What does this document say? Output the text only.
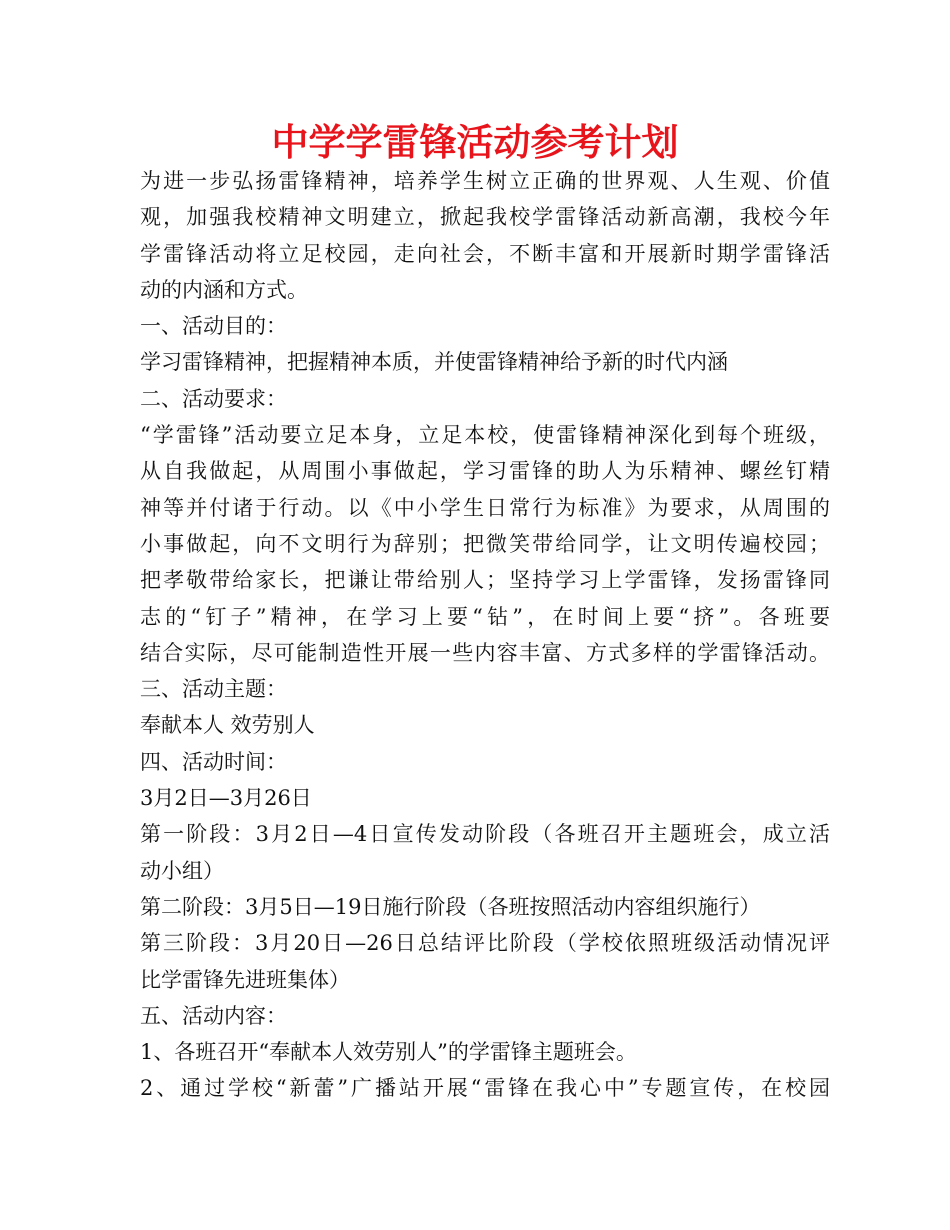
中学学雷锋活动参考计划
为进一步弘扬雷锋精神，培养学生树立正确的世界观、人生观、价值
观，加强我校精神文明建立，掀起我校学雷锋活动新高潮，我校今年
学雷锋活动将立足校园，走向社会，不断丰富和开展新时期学雷锋活
动的内涵和方式。
一、活动目的：
学习雷锋精神，把握精神本质，并使雷锋精神给予新的时代内涵
二、活动要求：
“学雷锋”活动要立足本身，立足本校，使雷锋精神深化到每个班级，
从自我做起，从周围小事做起，学习雷锋的助人为乐精神、螺丝钉精
神等并付诸于行动。以《中小学生日常行为标准》为要求，从周围的
小事做起，向不文明行为辞别；把微笑带给同学，让文明传遍校园；
把孝敬带给家长，把谦让带给别人；坚持学习上学雷锋，发扬雷锋同
志的“钉子”精神，在学习上要“钻”，在时间上要“挤”。各班要
结合实际，尽可能制造性开展一些内容丰富、方式多样的学雷锋活动。
三、活动主题：
奉献本人 效劳别人
四、活动时间：
3月2日—3月26日
第一阶段：3月2日—4日宣传发动阶段（各班召开主题班会，成立活
动小组）
第二阶段：3月5日—19日施行阶段（各班按照活动内容组织施行）
第三阶段：3月20日—26日总结评比阶段（学校依照班级活动情况评
比学雷锋先进班集体）
五、活动内容：
1、各班召开“奉献本人效劳别人”的学雷锋主题班会。
2、通过学校“新蕾”广播站开展“雷锋在我心中”专题宣传，在校园
